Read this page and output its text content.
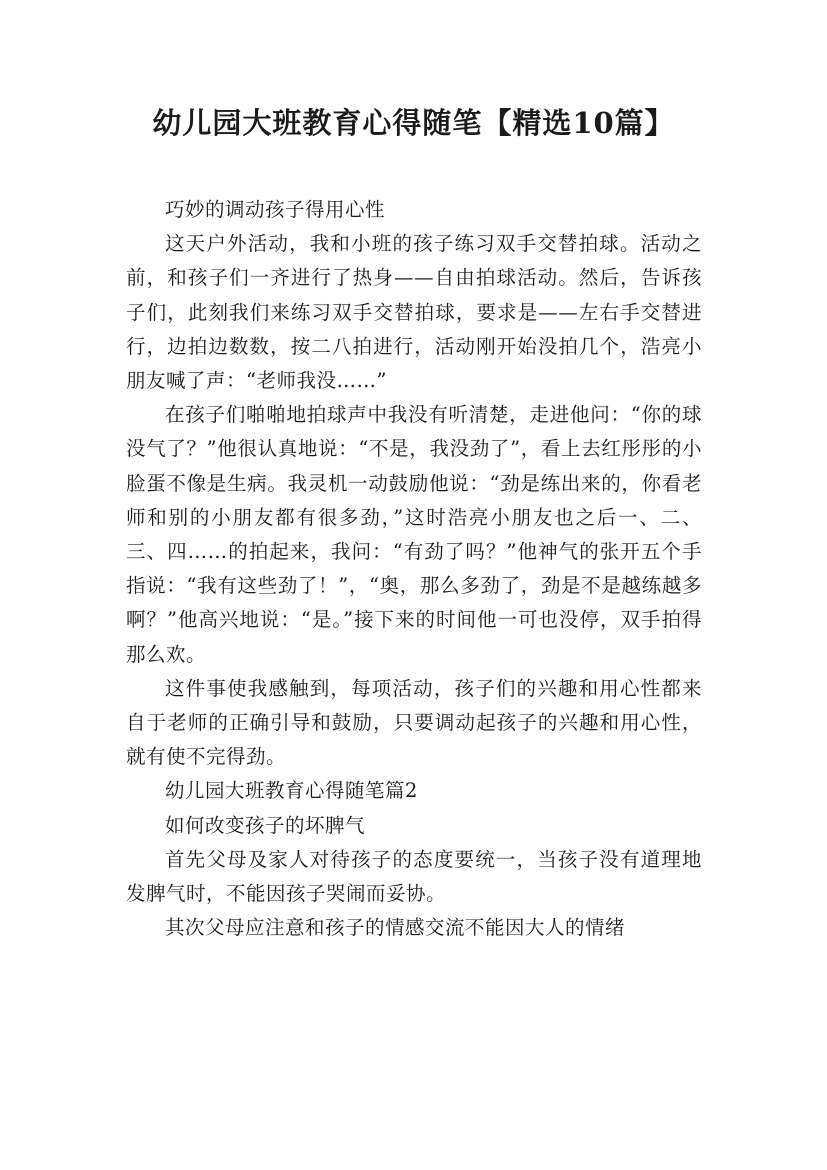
幼儿园大班教育心得随笔【精选10篇】

巧妙的调动孩子得用心性

这天户外活动，我和小班的孩子练习双手交替拍球。活动之前，和孩子们一齐进行了热身——自由拍球活动。然后，告诉孩子们，此刻我们来练习双手交替拍球，要求是——左右手交替进行，边拍边数数，按二八拍进行，活动刚开始没拍几个，浩亮小朋友喊了声：“老师我没……”

在孩子们啪啪地拍球声中我没有听清楚，走进他问：“你的球没气了？”他很认真地说：“不是，我没劲了”，看上去红彤彤的小脸蛋不像是生病。我灵机一动鼓励他说：“劲是练出来的，你看老师和别的小朋友都有很多劲，”这时浩亮小朋友也之后一、二、三、四……的拍起来，我问：“有劲了吗？”他神气的张开五个手指说：“我有这些劲了！”，“奥，那么多劲了，劲是不是越练越多啊？”他高兴地说：“是。”接下来的时间他一可也没停，双手拍得那么欢。

这件事使我感触到，每项活动，孩子们的兴趣和用心性都来自于老师的正确引导和鼓励，只要调动起孩子的兴趣和用心性，就有使不完得劲。

幼儿园大班教育心得随笔篇2

如何改变孩子的坏脾气

首先父母及家人对待孩子的态度要统一，当孩子没有道理地发脾气时，不能因孩子哭闹而妥协。

其次父母应注意和孩子的情感交流不能因大人的情绪
